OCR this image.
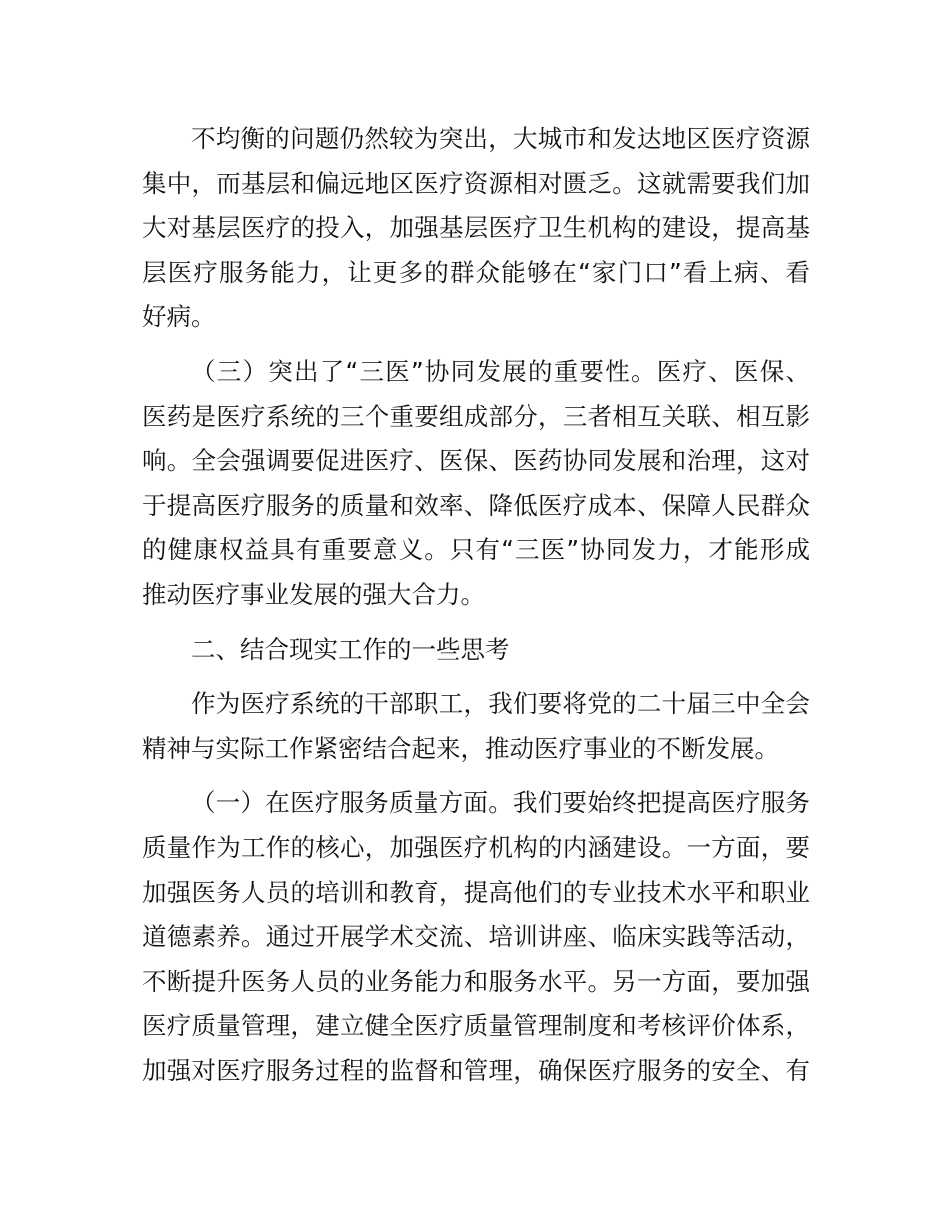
不均衡的问题仍然较为突出，大城市和发达地区医疗资源
集中，而基层和偏远地区医疗资源相对匮乏。这就需要我们加
大对基层医疗的投入，加强基层医疗卫生机构的建设，提高基
层医疗服务能力，让更多的群众能够在“家门口”看上病、看
好病。
（三）突出了“三医”协同发展的重要性。医疗、医保、
医药是医疗系统的三个重要组成部分，三者相互关联、相互影
响。全会强调要促进医疗、医保、医药协同发展和治理，这对
于提高医疗服务的质量和效率、降低医疗成本、保障人民群众
的健康权益具有重要意义。只有“三医”协同发力，才能形成
推动医疗事业发展的强大合力。
二、结合现实工作的一些思考
作为医疗系统的干部职工，我们要将党的二十届三中全会
精神与实际工作紧密结合起来，推动医疗事业的不断发展。
（一）在医疗服务质量方面。我们要始终把提高医疗服务
质量作为工作的核心，加强医疗机构的内涵建设。一方面，要
加强医务人员的培训和教育，提高他们的专业技术水平和职业
道德素养。通过开展学术交流、培训讲座、临床实践等活动，
不断提升医务人员的业务能力和服务水平。另一方面，要加强
医疗质量管理，建立健全医疗质量管理制度和考核评价体系，
加强对医疗服务过程的监督和管理，确保医疗服务的安全、有
